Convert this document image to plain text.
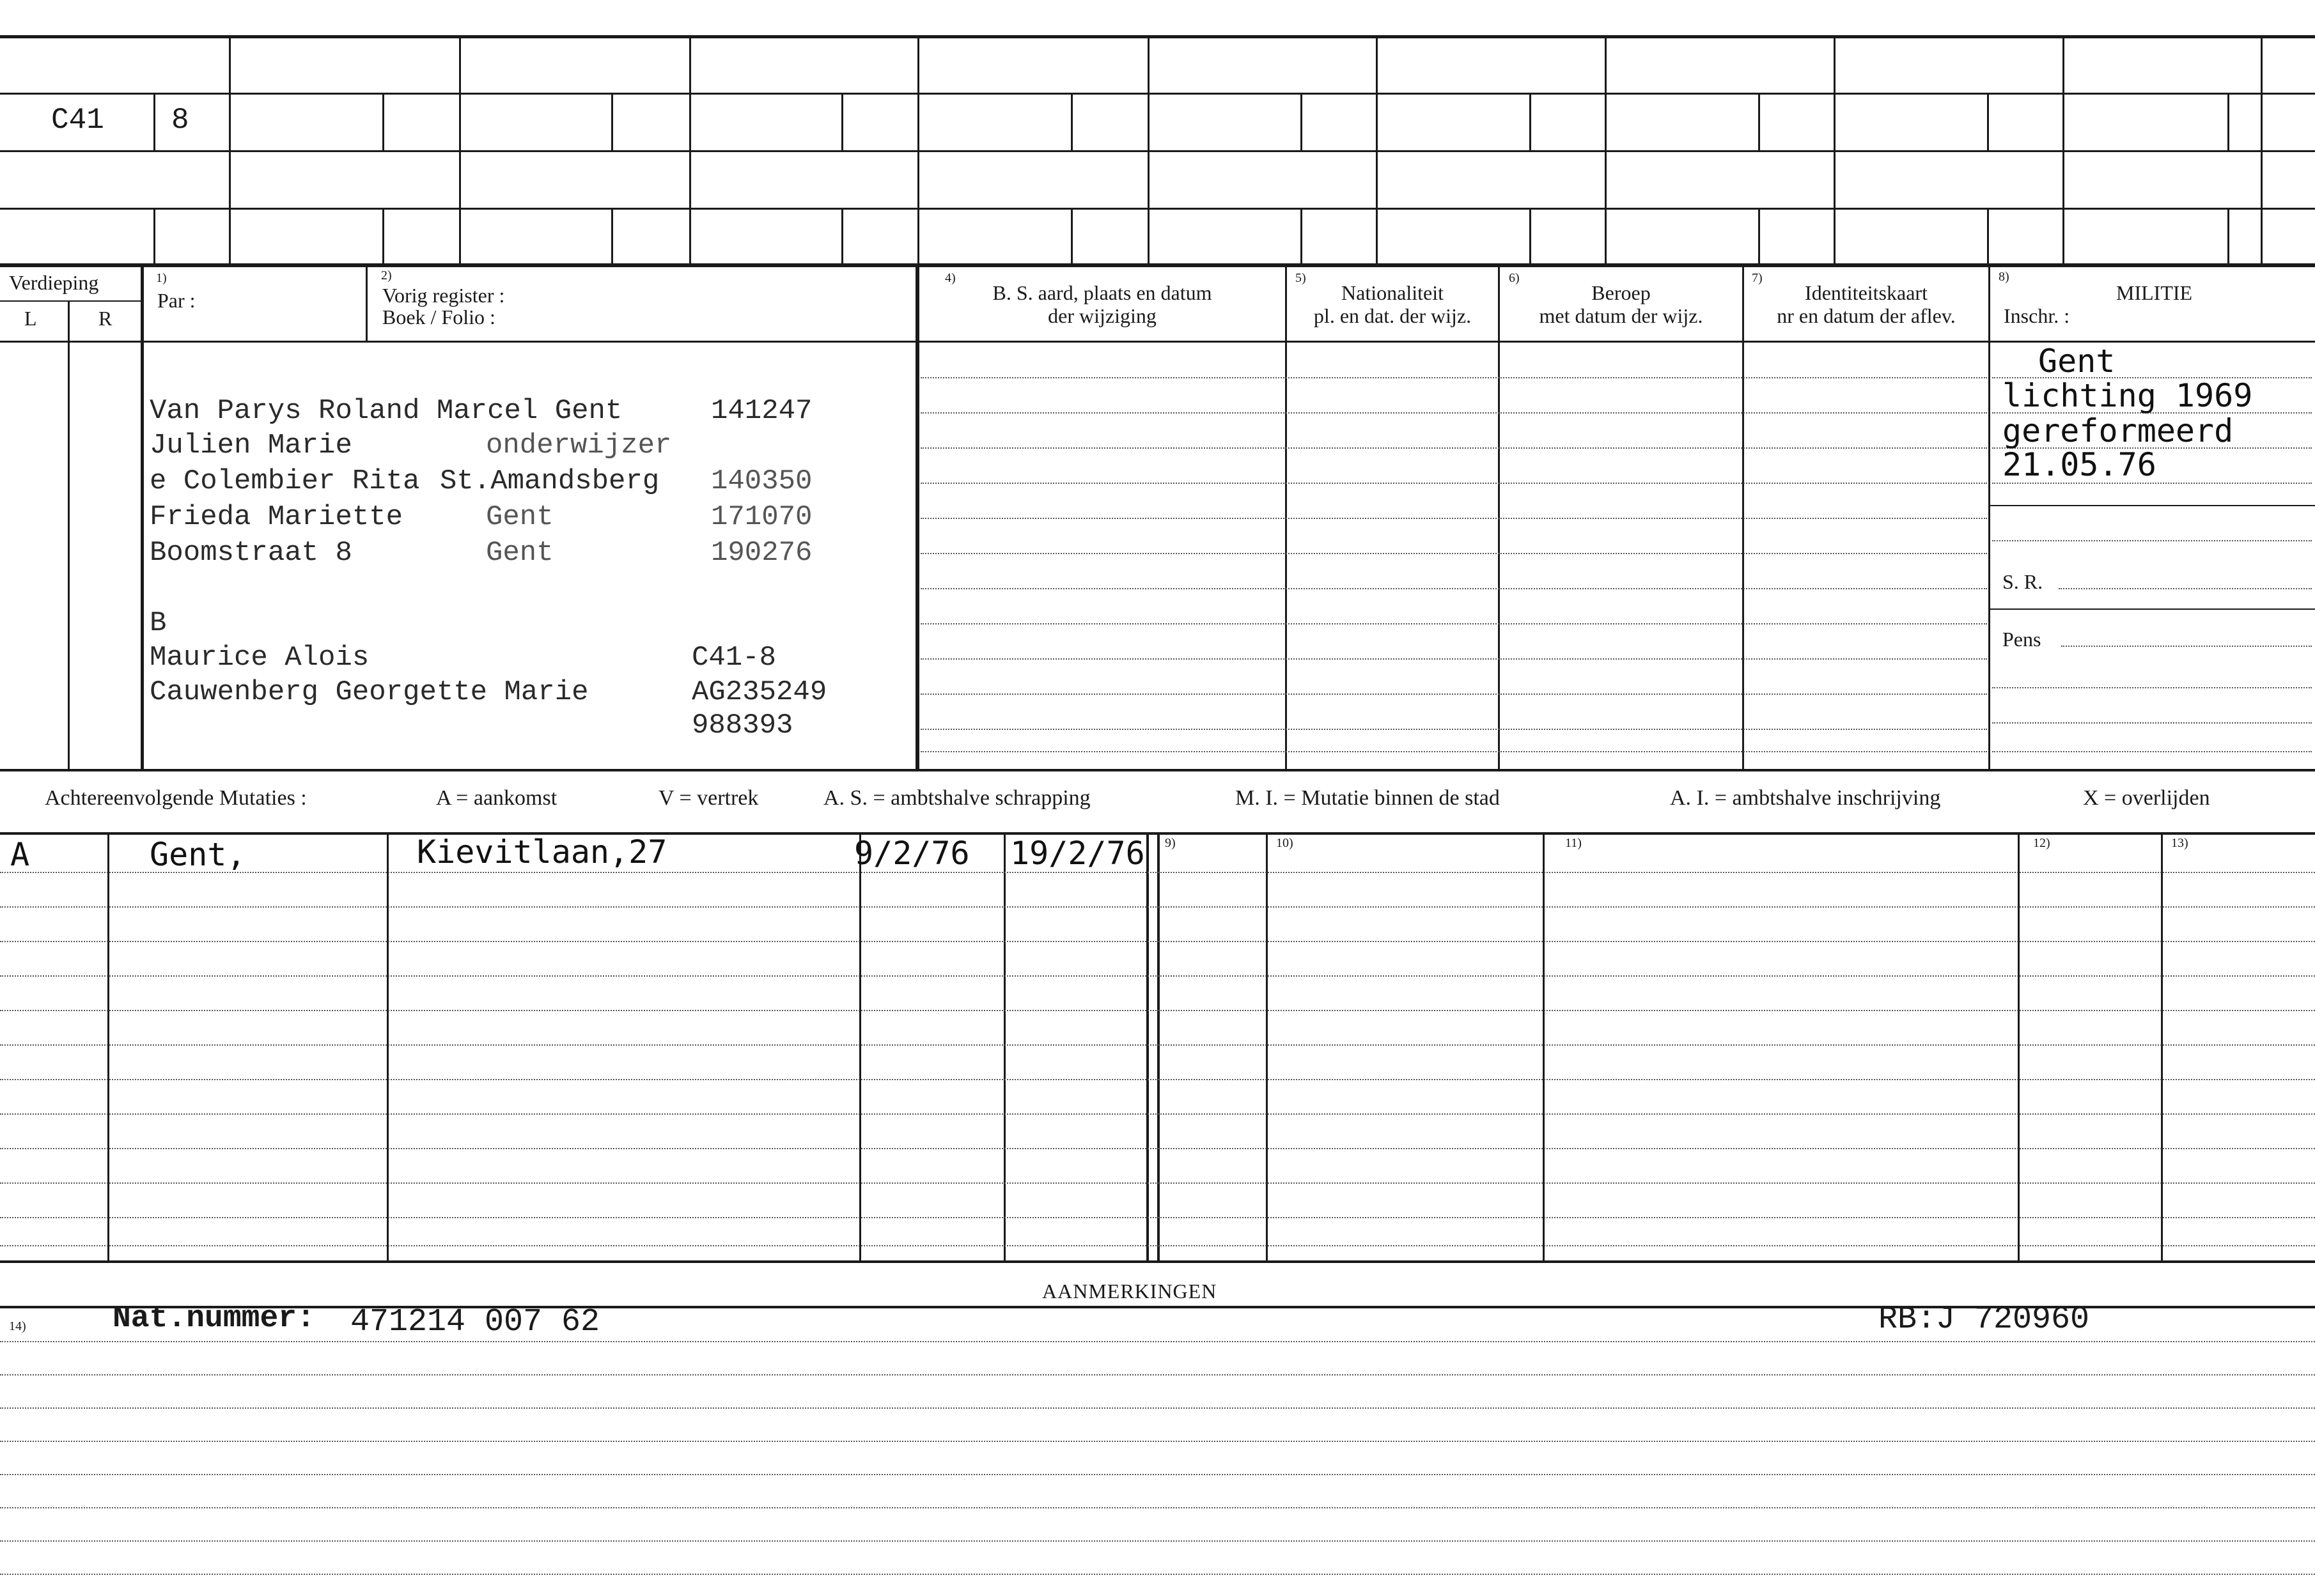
C41 8
Verdieping
L	R
1)
Par :
2)
Vorig register :
Boek / Folio :
4)
B. S. aard, plaats en datum
der wijziging
5)
Nationaliteit
pl. en dat. der wijz.
6)
Beroep
met datum der wijz.
7)
Identiteitskaart
nr en datum der aflev.
8)
MILITIE
Inschr. :
Van Parys Roland Marcel Gent	141247
Julien Marie	onderwijzer
e Colembier Rita St.Amandsberg 140350
Frieda Mariette	Gent	171070
Boomstraat 8	Gent	190276
B
Maurice Alois	C41-8
Cauwenberg Georgette Marie	AG235249
988393
Gent
lichting 1969
gereformeerd
21.05.76
S. R.
Pens
Achtereenvolgende Mutaties :	A = aankomst	V = vertrek	A. S. = ambtshalve schrapping	M. I. = Mutatie binnen de stad	A. I. = ambtshalve inschrijving	X = overlijden
9)	10)	11)	12)	13)
A	Gent,	Kievitlaan,27	9/2/76 19/2/76
AANMERKINGEN
14)	Nat.nummer: 471214 007 62	RB:J 720960
